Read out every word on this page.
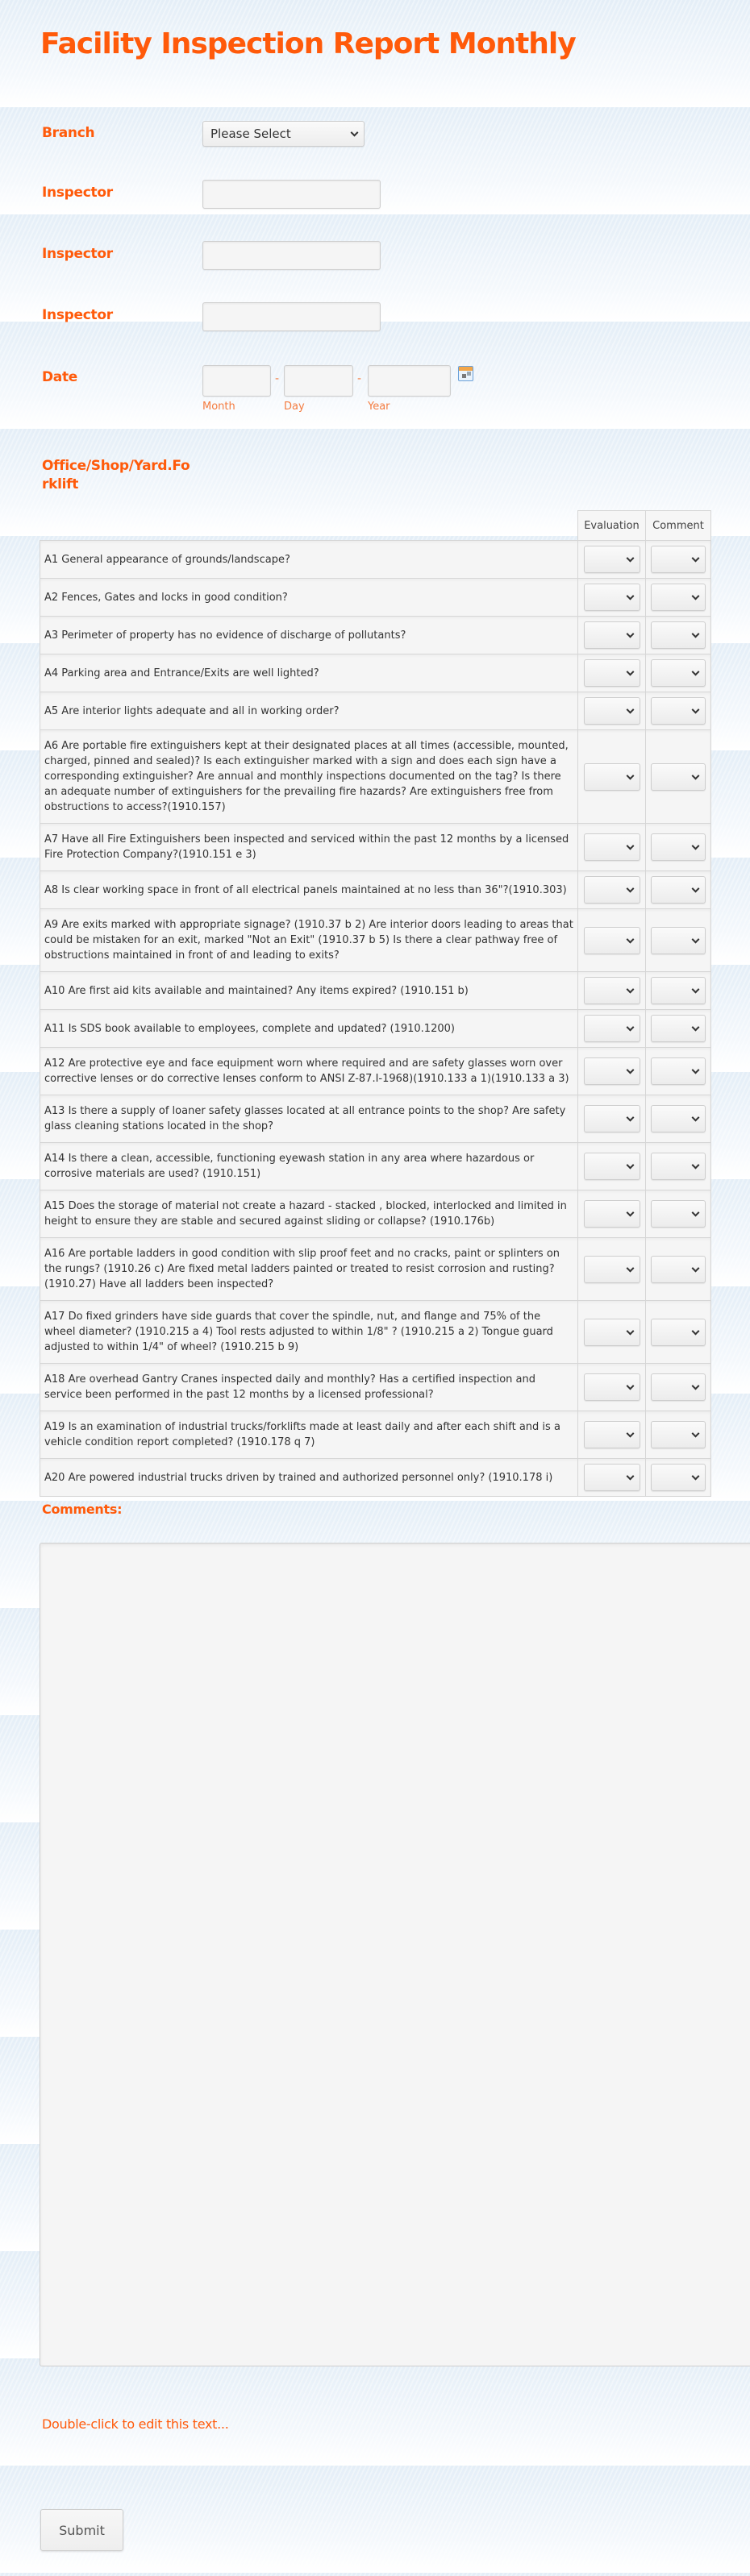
Facility Inspection Report Monthly
Branch	Please Select
Inspector
Inspector
Inspector
Date	-	-
Month	Day	Year
Office/Shop/Yard.Fo
rklift
Evaluation	Comment
A1 General appearance of grounds/landscape?
A2 Fences, Gates and locks in good condition?
A3 Perimeter of property has no evidence of discharge of pollutants?
A4 Parking area and Entrance/Exits are well lighted?
A5 Are interior lights adequate and all in working order?
A6 Are portable fire extinguishers kept at their designated places at all times (accessible, mounted, charged, pinned and sealed)? Is each extinguisher marked with a sign and does each sign have a corresponding extinguisher? Are annual and monthly inspections documented on the tag? Is there an adequate number of extinguishers for the prevailing fire hazards? Are extinguishers free from obstructions to access?(1910.157)
A7 Have all Fire Extinguishers been inspected and serviced within the past 12 months by a licensed Fire Protection Company?(1910.151 e 3)
A8 Is clear working space in front of all electrical panels maintained at no less than 36"?(1910.303)
A9 Are exits marked with appropriate signage? (1910.37 b 2) Are interior doors leading to areas that could be mistaken for an exit, marked "Not an Exit" (1910.37 b 5) Is there a clear pathway free of obstructions maintained in front of and leading to exits?
A10 Are first aid kits available and maintained? Any items expired? (1910.151 b)
A11 Is SDS book available to employees, complete and updated? (1910.1200)
A12 Are protective eye and face equipment worn where required and are safety glasses worn over corrective lenses or do corrective lenses conform to ANSI Z-87.I-1968)(1910.133 a 1)(1910.133 a 3)
A13 Is there a supply of loaner safety glasses located at all entrance points to the shop? Are safety glass cleaning stations located in the shop?
A14 Is there a clean, accessible, functioning eyewash station in any area where hazardous or corrosive materials are used? (1910.151)
A15 Does the storage of material not create a hazard - stacked , blocked, interlocked and limited in height to ensure they are stable and secured against sliding or collapse? (1910.176b)
A16 Are portable ladders in good condition with slip proof feet and no cracks, paint or splinters on the rungs? (1910.26 c) Are fixed metal ladders painted or treated to resist corrosion and rusting? (1910.27) Have all ladders been inspected?
A17 Do fixed grinders have side guards that cover the spindle, nut, and flange and 75% of the wheel diameter? (1910.215 a 4) Tool rests adjusted to within 1/8" ? (1910.215 a 2) Tongue guard adjusted to within 1/4" of wheel? (1910.215 b 9)
A18 Are overhead Gantry Cranes inspected daily and monthly? Has a certified inspection and service been performed in the past 12 months by a licensed professional?
A19 Is an examination of industrial trucks/forklifts made at least daily and after each shift and is a vehicle condition report completed? (1910.178 q 7)
A20 Are powered industrial trucks driven by trained and authorized personnel only? (1910.178 i)
Comments:
Double-click to edit this text...
Submit
